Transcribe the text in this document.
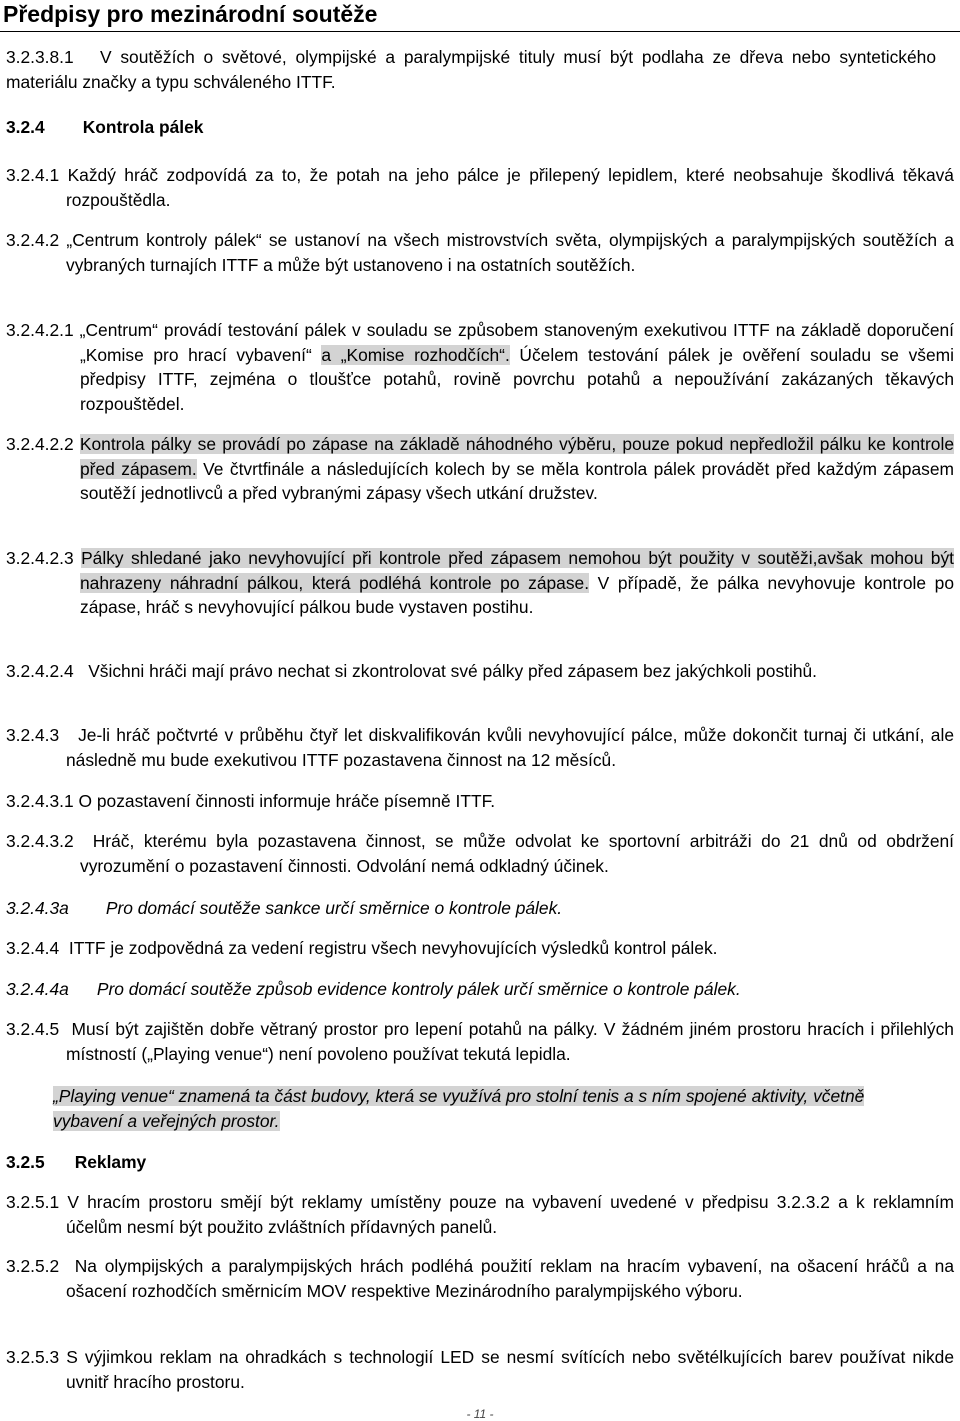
Předpisy pro mezinárodní soutěže
3.2.3.8.1 V soutěžích o světové, olympijské a paralympijské tituly musí být podlaha ze dřeva nebo syntetického materiálu značky a typu schváleného ITTF.
3.2.4 Kontrola pálek
3.2.4.1 Každý hráč zodpovídá za to, že potah na jeho pálce je přilepený lepidlem, které neobsahuje škodlivá těkavá rozpouštědla.
3.2.4.2 „Centrum kontroly pálek“ se ustanoví na všech mistrovstvích světa, olympijských a paralympijských soutěžích a vybraných turnajích ITTF a může být ustanoveno i na ostatních soutěžích.
3.2.4.2.1 „Centrum“ provádí testování pálek v souladu se způsobem stanoveným exekutivou ITTF na základě doporučení „Komise pro hrací vybavení“ a „Komise rozhodčích“. Účelem testování pálek je ověření souladu se všemi předpisy ITTF, zejména o tloušťce potahů, rovině povrchu potahů a nepoužívání zakázaných těkavých rozpouštědel.
3.2.4.2.2 Kontrola pálky se provádí po zápase na základě náhodného výběru, pouze pokud nepředložil pálku ke kontrole před zápasem. Ve čtvrtfinále a následujících kolech by se měla kontrola pálek provádět před každým zápasem soutěží jednotlivců a před vybranými zápasy všech utkání družstev.
3.2.4.2.3 Pálky shledané jako nevyhovující při kontrole před zápasem nemohou být použity v soutěži,avšak mohou být nahrazeny náhradní pálkou, která podléhá kontrole po zápase. V případě, že pálka nevyhovuje kontrole po zápase, hráč s nevyhovující pálkou bude vystaven postihu.
3.2.4.2.4 Všichni hráči mají právo nechat si zkontrolovat své pálky před zápasem bez jakýchkoli postihů.
3.2.4.3 Je-li hráč počtvrté v průběhu čtyř let diskvalifikován kvůli nevyhovující pálce, může dokončit turnaj či utkání, ale následně mu bude exekutivou ITTF pozastavena činnost na 12 měsíců.
3.2.4.3.1 O pozastavení činnosti informuje hráče písemně ITTF.
3.2.4.3.2 Hráč, kterému byla pozastavena činnost, se může odvolat ke sportovní arbitráži do 21 dnů od obdržení vyrozumění o pozastavení činnosti. Odvolání nemá odkladný účinek.
3.2.4.3a Pro domácí soutěže sankce určí směrnice o kontrole pálek.
3.2.4.4 ITTF je zodpovědná za vedení registru všech nevyhovujících výsledků kontrol pálek.
3.2.4.4a Pro domácí soutěže způsob evidence kontroly pálek určí směrnice o kontrole pálek.
3.2.4.5 Musí být zajištěn dobře větraný prostor pro lepení potahů na pálky. V žádném jiném prostoru hracích i přilehlých místností („Playing venue“) není povoleno používat tekutá lepidla.
„Playing venue“ znamená ta část budovy, která se využívá pro stolní tenis a s ním spojené aktivity, včetně vybavení a veřejných prostor.
3.2.5 Reklamy
3.2.5.1 V hracím prostoru smějí být reklamy umístěny pouze na vybavení uvedené v předpisu 3.2.3.2 a k reklamním účelům nesmí být použito zvláštních přídavných panelů.
3.2.5.2 Na olympijských a paralympijských hrách podléhá použití reklam na hracím vybavení, na ošacení hráčů a na ošacení rozhodčích směrnicím MOV respektive Mezinárodního paralympijského výboru.
3.2.5.3 S výjimkou reklam na ohradkách s technologií LED se nesmí svítících nebo světélkujících barev používat nikde uvnitř hracího prostoru.
- 11 -
